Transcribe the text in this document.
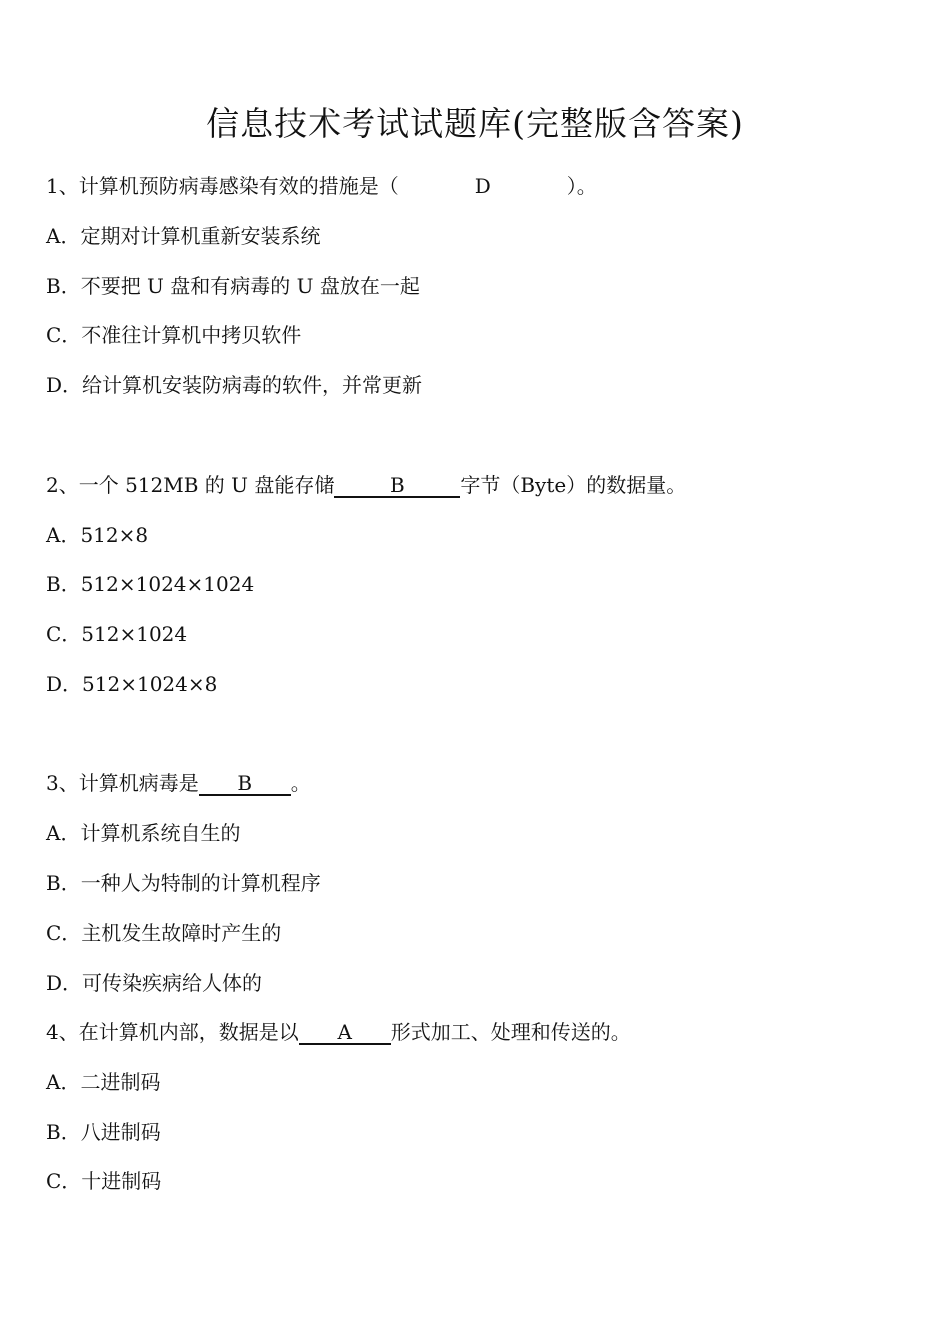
信息技术考试试题库(完整版含答案)
1、计算机预防病毒感染有效的措施是（	D	）。
A．定期对计算机重新安装系统
B．不要把 U 盘和有病毒的 U 盘放在一起
C．不准往计算机中拷贝软件
D．给计算机安装防病毒的软件，并常更新
2、一个 512MB 的 U 盘能存储	B	字节（Byte）的数据量。
A．512×8
B．512×1024×1024
C．512×1024
D．512×1024×8
3、计算机病毒是 B 。
A．计算机系统自生的
B．一种人为特制的计算机程序
C．主机发生故障时产生的
D．可传染疾病给人体的
4、在计算机内部，数据是以 A 形式加工、处理和传送的。
A．二进制码
B．八进制码
C．十进制码
